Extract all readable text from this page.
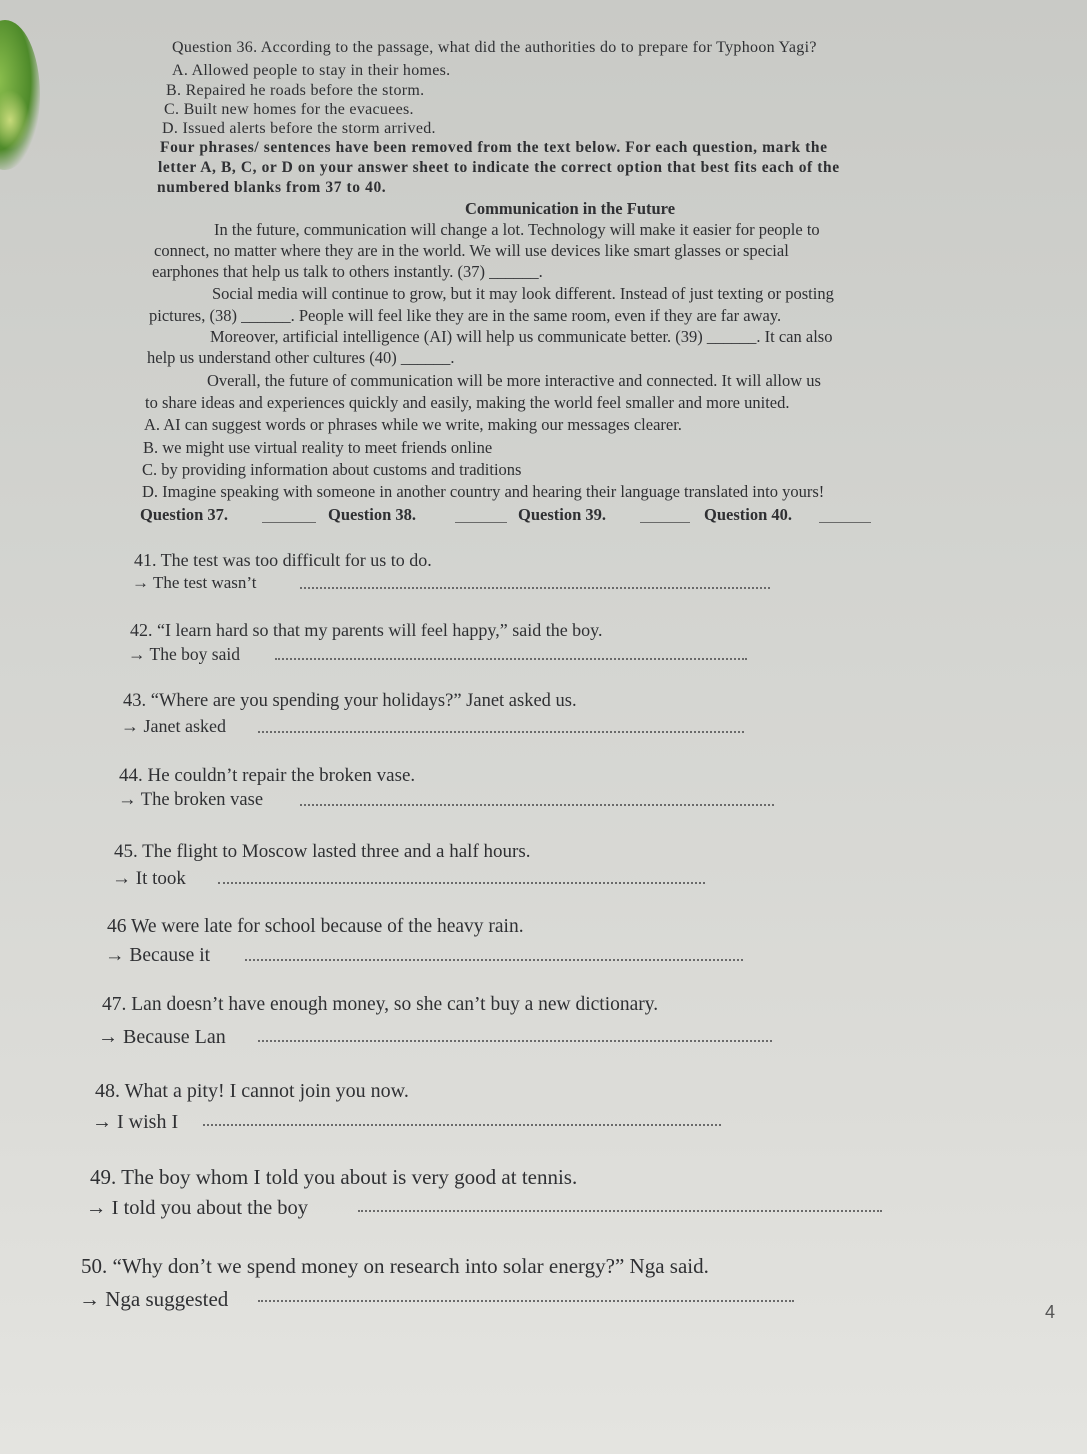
Question 36. According to the passage, what did the authorities do to prepare for Typhoon Yagi?
A. Allowed people to stay in their homes.
B. Repaired he roads before the storm.
C. Built new homes for the evacuees.
D. Issued alerts before the storm arrived.
Four phrases/ sentences have been removed from the text below. For each question, mark the
letter A, B, C, or D on your answer sheet to indicate the correct option that best fits each of the
numbered blanks from 37 to 40.
Communication in the Future
In the future, communication will change a lot. Technology will make it easier for people to
connect, no matter where they are in the world. We will use devices like smart glasses or special
earphones that help us talk to others instantly. (37) ______.
Social media will continue to grow, but it may look different. Instead of just texting or posting
pictures, (38) ______. People will feel like they are in the same room, even if they are far away.
Moreover, artificial intelligence (AI) will help us communicate better. (39) ______. It can also
help us understand other cultures (40) ______.
Overall, the future of communication will be more interactive and connected. It will allow us
to share ideas and experiences quickly and easily, making the world feel smaller and more united.
A. AI can suggest words or phrases while we write, making our messages clearer.
B. we might use virtual reality to meet friends online
C. by providing information about customs and traditions
D. Imagine speaking with someone in another country and hearing their language translated into yours!
Question 37.	Question 38.	Question 39.	Question 40.
41. The test was too difficult for us to do.
→ The test wasn’t
42. “I learn hard so that my parents will feel happy,” said the boy.
→ The boy said
43. “Where are you spending your holidays?” Janet asked us.
→ Janet asked
44. He couldn’t repair the broken vase.
→ The broken vase
45. The flight to Moscow lasted three and a half hours.
→ It took
46 We were late for school because of the heavy rain.
→ Because it
47. Lan doesn’t have enough money, so she can’t buy a new dictionary.
→ Because Lan
48. What a pity! I cannot join you now.
→ I wish I
49. The boy whom I told you about is very good at tennis.
→ I told you about the boy
50. “Why don’t we spend money on research into solar energy?” Nga said.
→ Nga suggested
4
